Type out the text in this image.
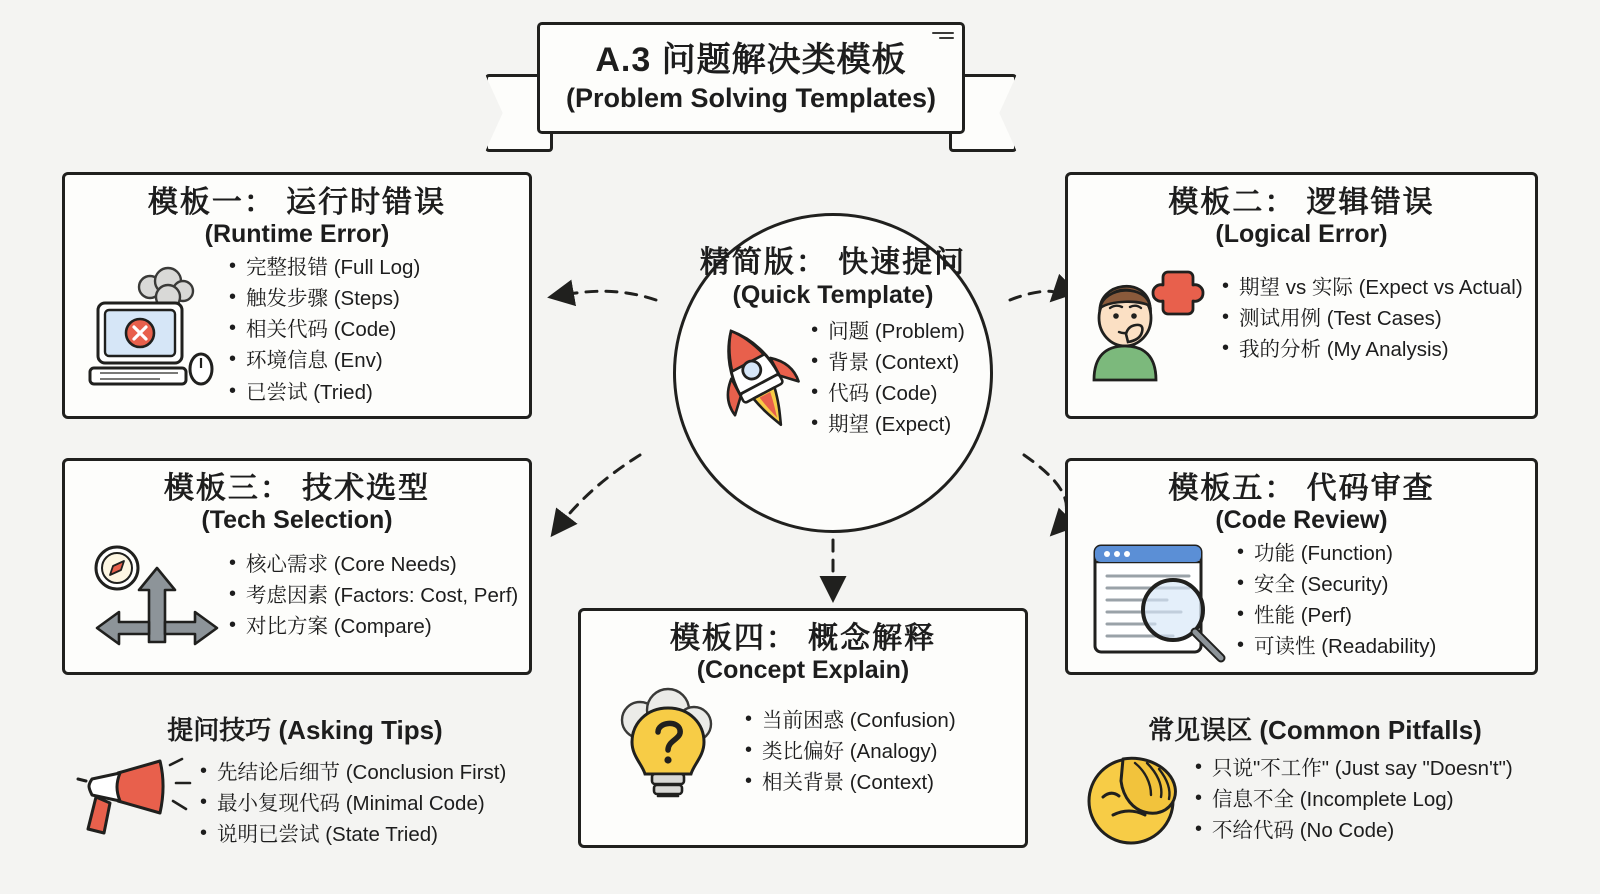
A.3 问题解决类模板
(Problem Solving Templates)
模板一： 运行时错误
(Runtime Error)
• 完整报错 (Full Log)
• 触发步骤 (Steps)
• 相关代码 (Code)
• 环境信息 (Env)
• 已尝试 (Tried)
模板二： 逻辑错误
(Logical Error)
• 期望 vs 实际 (Expect vs Actual)
• 测试用例 (Test Cases)
• 我的分析 (My Analysis)
模板三： 技术选型
(Tech Selection)
• 核心需求 (Core Needs)
• 考虑因素 (Factors: Cost, Perf)
• 对比方案 (Compare)
模板五： 代码审查
(Code Review)
• 功能 (Function)
• 安全 (Security)
• 性能 (Perf)
• 可读性 (Readability)
模板四： 概念解释
(Concept Explain)
• 当前困惑 (Confusion)
• 类比偏好 (Analogy)
• 相关背景 (Context)
精简版： 快速提问
(Quick Template)
• 问题 (Problem)
• 背景 (Context)
• 代码 (Code)
• 期望 (Expect)
提问技巧 (Asking Tips)
• 先结论后细节 (Conclusion First)
• 最小复现代码 (Minimal Code)
• 说明已尝试 (State Tried)
常见误区 (Common Pitfalls)
• 只说"不工作" (Just say "Doesn't")
• 信息不全 (Incomplete Log)
• 不给代码 (No Code)
